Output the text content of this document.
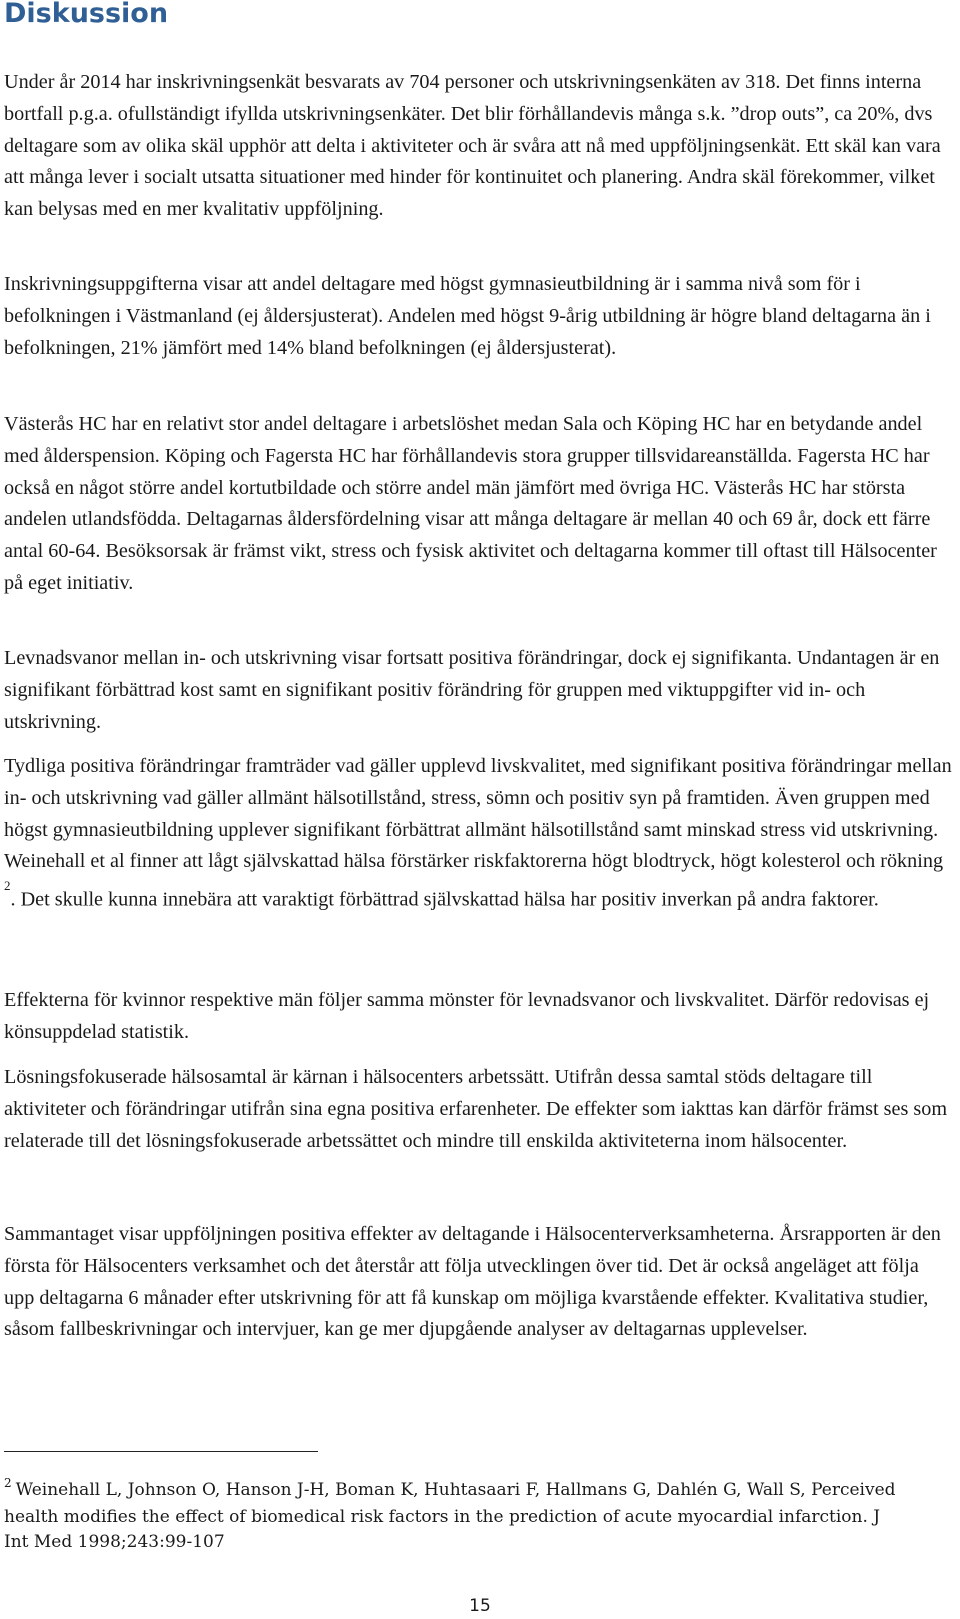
Diskussion

Under år 2014 har inskrivningsenkät besvarats av 704 personer och utskrivningsenkäten av 318. Det finns interna bortfall p.g.a. ofullständigt ifyllda utskrivningsenkäter. Det blir förhållandevis många s.k. ”drop outs”, ca 20%, dvs deltagare som av olika skäl upphör att delta i aktiviteter och är svåra att nå med uppföljningsenkät. Ett skäl kan vara att många lever i socialt utsatta situationer med hinder för kontinuitet och planering. Andra skäl förekommer, vilket kan belysas med en mer kvalitativ uppföljning.

Inskrivningsuppgifterna visar att andel deltagare med högst gymnasieutbildning är i samma nivå som för i befolkningen i Västmanland (ej åldersjusterat). Andelen med högst 9-årig utbildning är högre bland deltagarna än i befolkningen, 21% jämfört med 14% bland befolkningen (ej åldersjusterat).

Västerås HC har en relativt stor andel deltagare i arbetslöshet medan Sala och Köping HC har en betydande andel med ålderspension. Köping och Fagersta HC har förhållandevis stora grupper tillsvidareanställda. Fagersta HC har också en något större andel kortutbildade och större andel män jämfört med övriga HC. Västerås HC har största andelen utlandsfödda. Deltagarnas åldersfördelning visar att många deltagare är mellan 40 och 69 år, dock ett färre antal 60-64. Besöksorsak är främst vikt, stress och fysisk aktivitet och deltagarna kommer till oftast till Hälsocenter på eget initiativ.

Levnadsvanor mellan in- och utskrivning visar fortsatt positiva förändringar, dock ej signifikanta. Undantagen är en signifikant förbättrad kost samt en signifikant positiv förändring för gruppen med viktuppgifter vid in- och utskrivning.

Tydliga positiva förändringar framträder vad gäller upplevd livskvalitet, med signifikant positiva förändringar mellan in- och utskrivning vad gäller allmänt hälsotillstånd, stress, sömn och positiv syn på framtiden. Även gruppen med högst gymnasieutbildning upplever signifikant förbättrat allmänt hälsotillstånd samt minskad stress vid utskrivning. Weinehall et al finner att lågt självskattad hälsa förstärker riskfaktorerna högt blodtryck, högt kolesterol och rökning $^2$. Det skulle kunna innebära att varaktigt förbättrad självskattad hälsa har positiv inverkan på andra faktorer.

Effekterna för kvinnor respektive män följer samma mönster för levnadsvanor och livskvalitet. Därför redovisas ej könsuppdelad statistik.

Lösningsfokuserade hälsosamtal är kärnan i hälsocenters arbetssätt. Utifrån dessa samtal stöds deltagare till aktiviteter och förändringar utifrån sina egna positiva erfarenheter. De effekter som iakttas kan därför främst ses som relaterade till det lösningsfokuserade arbetssättet och mindre till enskilda aktiviteterna inom hälsocenter.

Sammantaget visar uppföljningen positiva effekter av deltagande i Hälsocenterverksamheterna. Årsrapporten är den första för Hälsocenters verksamhet och det återstår att följa utvecklingen över tid. Det är också angeläget att följa upp deltagarna 6 månader efter utskrivning för att få kunskap om möjliga kvarstående effekter. Kvalitativa studier, såsom fallbeskrivningar och intervjuer, kan ge mer djupgående analyser av deltagarnas upplevelser.

$^2$ Weinehall L, Johnson O, Hanson J-H, Boman K, Huhtasaari F, Hallmans G, Dahlén G, Wall S, Perceived health modifies the effect of biomedical risk factors in the prediction of acute myocardial infarction. J Int Med 1998;243:99-107

15
